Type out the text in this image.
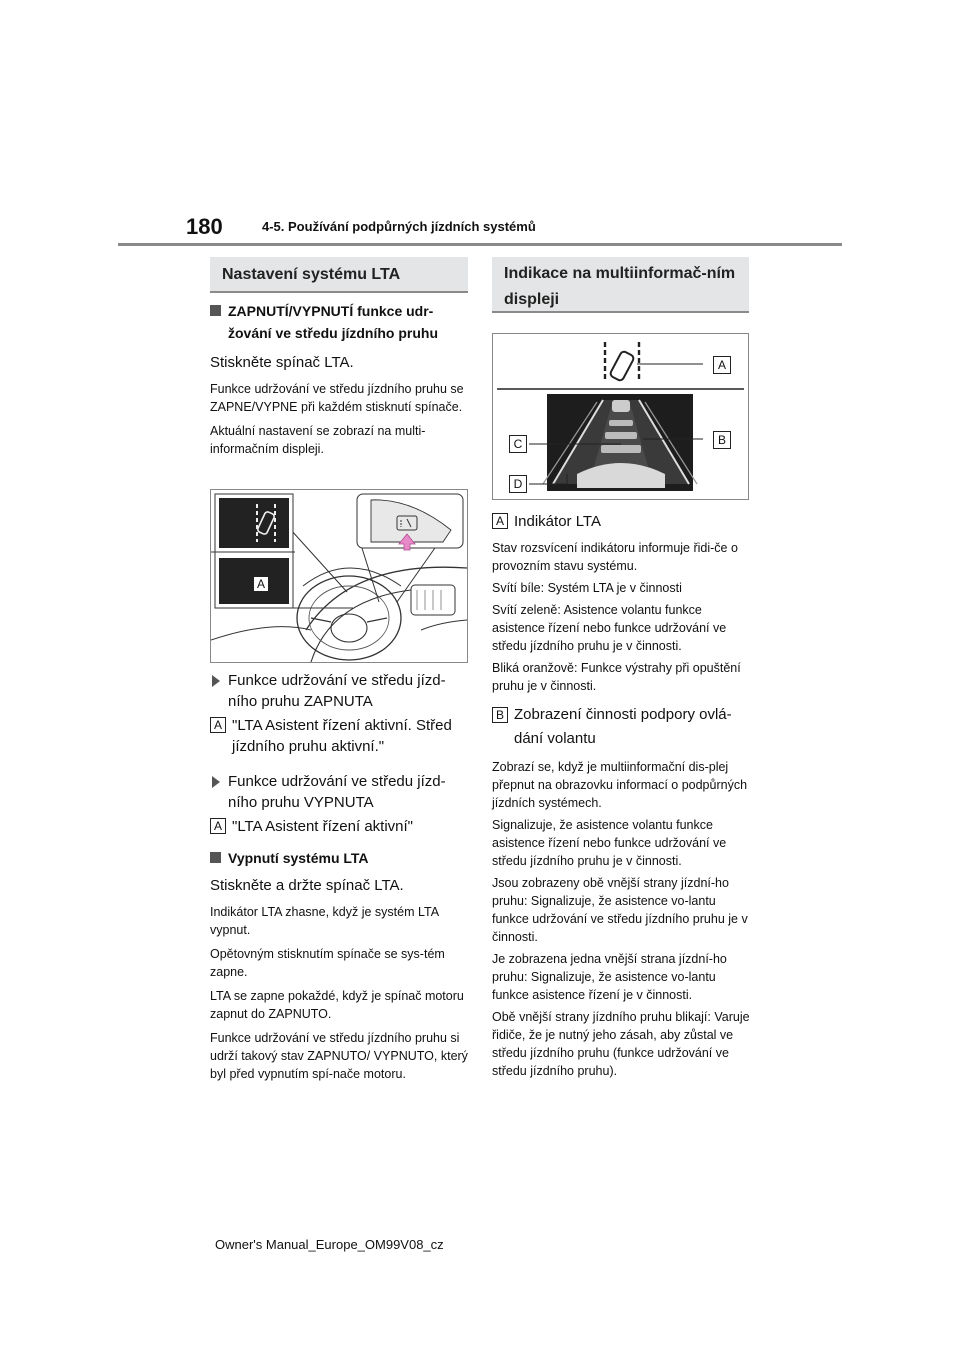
180	4-5. Používání podpůrných jízdních systémů
Nastavení systému LTA

ZAPNUTÍ/VYPNUTÍ funkce udr-žování ve středu jízdního pruhu

Stiskněte spínač LTA.

Funkce udržování ve středu jízdního pruhu se ZAPNE/VYPNE při každém stisknutí spínače.

Aktuální nastavení se zobrazí na multi-informačním displeji.

A

Funkce udržování ve středu jízd-ního pruhu ZAPNUTA

A "LTA Asistent řízení aktivní. Střed jízdního pruhu aktivní."

Funkce udržování ve středu jízd-ního pruhu VYPNUTA

A "LTA Asistent řízení aktivní"

Vypnutí systému LTA

Stiskněte a držte spínač LTA.

Indikátor LTA zhasne, když je systém LTA vypnut.

Opětovným stisknutím spínače se sys-tém zapne.

LTA se zapne pokaždé, když je spínač motoru zapnut do ZAPNUTO.

Funkce udržování ve středu jízdního pruhu si udrží takový stav ZAPNUTO/ VYPNUTO, který byl před vypnutím spí-nače motoru.

Indikace na multiinformač-ním displeji
A
B
C
D

A Indikátor LTA

Stav rozsvícení indikátoru informuje řidi-če o provozním stavu systému.

Svítí bíle: Systém LTA je v činnosti

Svítí zeleně: Asistence volantu funkce asistence řízení nebo funkce udržování ve středu jízdního pruhu je v činnosti.

Bliká oranžově: Funkce výstrahy při opuštění pruhu je v činnosti.

B Zobrazení činnosti podpory ovlá-dání volantu

Zobrazí se, když je multiinformační dis-plej přepnut na obrazovku informací o podpůrných jízdních systémech.

Signalizuje, že asistence volantu funkce asistence řízení nebo funkce udržování ve středu jízdního pruhu je v činnosti.

Jsou zobrazeny obě vnější strany jízdní-ho pruhu: Signalizuje, že asistence vo-lantu funkce udržování ve středu jízdního pruhu je v činnosti.

Je zobrazena jedna vnější strana jízdní-ho pruhu: Signalizuje, že asistence vo-lantu funkce asistence řízení je v činnosti.

Obě vnější strany jízdního pruhu blikají: Varuje řidiče, že je nutný jeho zásah, aby zůstal ve středu jízdního pruhu (funkce udržování ve středu jízdního pruhu).

Owner's Manual_Europe_OM99V08_cz
